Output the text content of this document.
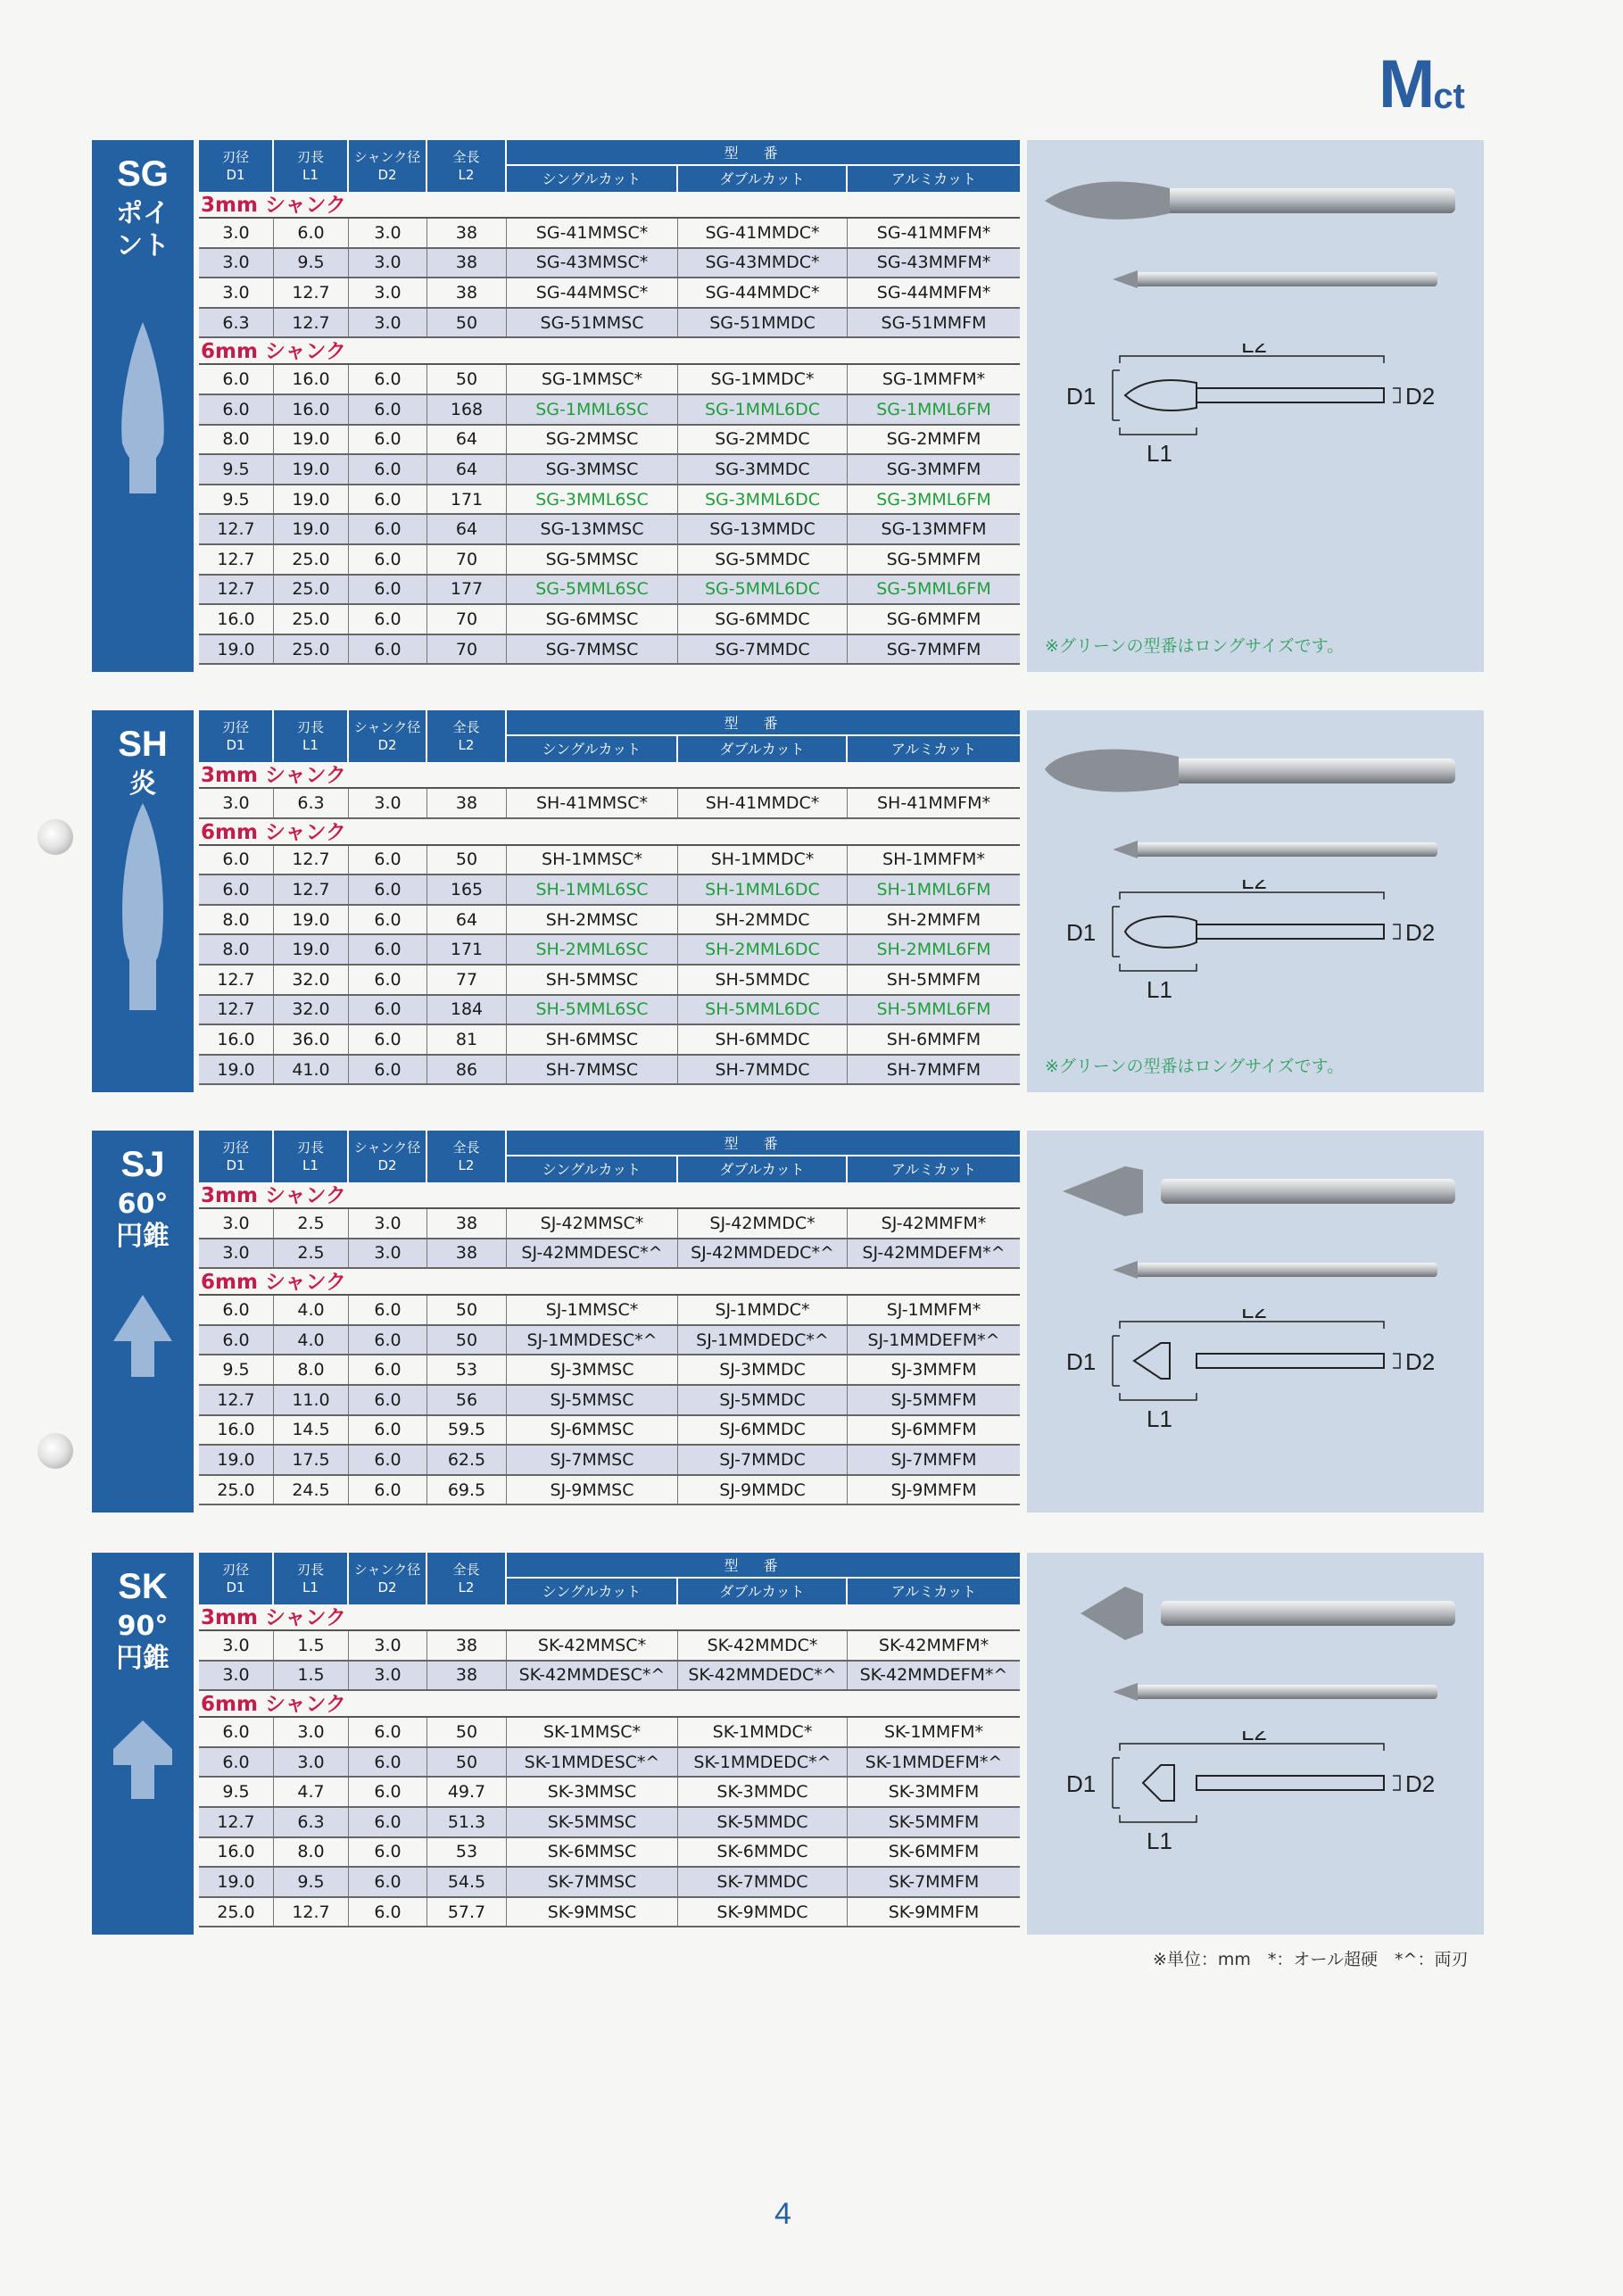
M ct
SG
ポイ
ント
刃径
D1
刃長
L1
シャンク径
D2
全長
L2
型番
シングルカット	ダブルカット	アルミカット
3mm シャンク
3.0	6.0	3.0	38	SG-41MMSC*	SG-41MMDC*	SG-41MMFM*
3.0	9.5	3.0	38	SG-43MMSC*	SG-43MMDC*	SG-43MMFM*
3.0	12.7	3.0	38	SG-44MMSC*	SG-44MMDC*	SG-44MMFM*
6.3	12.7	3.0	50	SG-51MMSC	SG-51MMDC	SG-51MMFM
6mm シャンク
6.0	16.0	6.0	50	SG-1MMSC*	SG-1MMDC*	SG-1MMFM*
6.0	16.0	6.0	168	SG-1MML6SC	SG-1MML6DC	SG-1MML6FM
8.0	19.0	6.0	64	SG-2MMSC	SG-2MMDC	SG-2MMFM
9.5	19.0	6.0	64	SG-3MMSC	SG-3MMDC	SG-3MMFM
9.5	19.0	6.0	171	SG-3MML6SC	SG-3MML6DC	SG-3MML6FM
12.7	19.0	6.0	64	SG-13MMSC	SG-13MMDC	SG-13MMFM
12.7	25.0	6.0	70	SG-5MMSC	SG-5MMDC	SG-5MMFM
12.7	25.0	6.0	177	SG-5MML6SC	SG-5MML6DC	SG-5MML6FM
16.0	25.0	6.0	70	SG-6MMSC	SG-6MMDC	SG-6MMFM
19.0	25.0	6.0	70	SG-7MMSC	SG-7MMDC	SG-7MMFM
L2
D1	D2
L1
※グリーンの型番はロングサイズです。
SH
炎
刃径
D1
刃長
L1
シャンク径
D2
全長
L2
型番
シングルカット	ダブルカット	アルミカット
3mm シャンク
3.0	6.3	3.0	38	SH-41MMSC*	SH-41MMDC*	SH-41MMFM*
6mm シャンク
6.0	12.7	6.0	50	SH-1MMSC*	SH-1MMDC*	SH-1MMFM*
6.0	12.7	6.0	165	SH-1MML6SC	SH-1MML6DC	SH-1MML6FM
8.0	19.0	6.0	64	SH-2MMSC	SH-2MMDC	SH-2MMFM
8.0	19.0	6.0	171	SH-2MML6SC	SH-2MML6DC	SH-2MML6FM
12.7	32.0	6.0	77	SH-5MMSC	SH-5MMDC	SH-5MMFM
12.7	32.0	6.0	184	SH-5MML6SC	SH-5MML6DC	SH-5MML6FM
16.0	36.0	6.0	81	SH-6MMSC	SH-6MMDC	SH-6MMFM
19.0	41.0	6.0	86	SH-7MMSC	SH-7MMDC	SH-7MMFM
L2
D1	D2
L1
※グリーンの型番はロングサイズです。
SJ
60°
円錐
刃径
D1
刃長
L1
シャンク径
D2
全長
L2
型番
シングルカット	ダブルカット	アルミカット
3mm シャンク
3.0	2.5	3.0	38	SJ-42MMSC*	SJ-42MMDC*	SJ-42MMFM*
3.0	2.5	3.0	38	SJ-42MMDESC*^	SJ-42MMDEDC*^	SJ-42MMDEFM*^
6mm シャンク
6.0	4.0	6.0	50	SJ-1MMSC*	SJ-1MMDC*	SJ-1MMFM*
6.0	4.0	6.0	50	SJ-1MMDESC*^	SJ-1MMDEDC*^	SJ-1MMDEFM*^
9.5	8.0	6.0	53	SJ-3MMSC	SJ-3MMDC	SJ-3MMFM
12.7	11.0	6.0	56	SJ-5MMSC	SJ-5MMDC	SJ-5MMFM
16.0	14.5	6.0	59.5	SJ-6MMSC	SJ-6MMDC	SJ-6MMFM
19.0	17.5	6.0	62.5	SJ-7MMSC	SJ-7MMDC	SJ-7MMFM
25.0	24.5	6.0	69.5	SJ-9MMSC	SJ-9MMDC	SJ-9MMFM
L2
D1	D2
L1
SK
90°
円錐
刃径
D1
刃長
L1
シャンク径
D2
全長
L2
型番
シングルカット	ダブルカット	アルミカット
3mm シャンク
3.0	1.5	3.0	38	SK-42MMSC*	SK-42MMDC*	SK-42MMFM*
3.0	1.5	3.0	38	SK-42MMDESC*^	SK-42MMDEDC*^	SK-42MMDEFM*^
6mm シャンク
6.0	3.0	6.0	50	SK-1MMSC*	SK-1MMDC*	SK-1MMFM*
6.0	3.0	6.0	50	SK-1MMDESC*^	SK-1MMDEDC*^	SK-1MMDEFM*^
9.5	4.7	6.0	49.7	SK-3MMSC	SK-3MMDC	SK-3MMFM
12.7	6.3	6.0	51.3	SK-5MMSC	SK-5MMDC	SK-5MMFM
16.0	8.0	6.0	53	SK-6MMSC	SK-6MMDC	SK-6MMFM
19.0	9.5	6.0	54.5	SK-7MMSC	SK-7MMDC	SK-7MMFM
25.0	12.7	6.0	57.7	SK-9MMSC	SK-9MMDC	SK-9MMFM
L2
D1	D2
L1
※単位：mm　*：オール超硬　*^：両刃
4
